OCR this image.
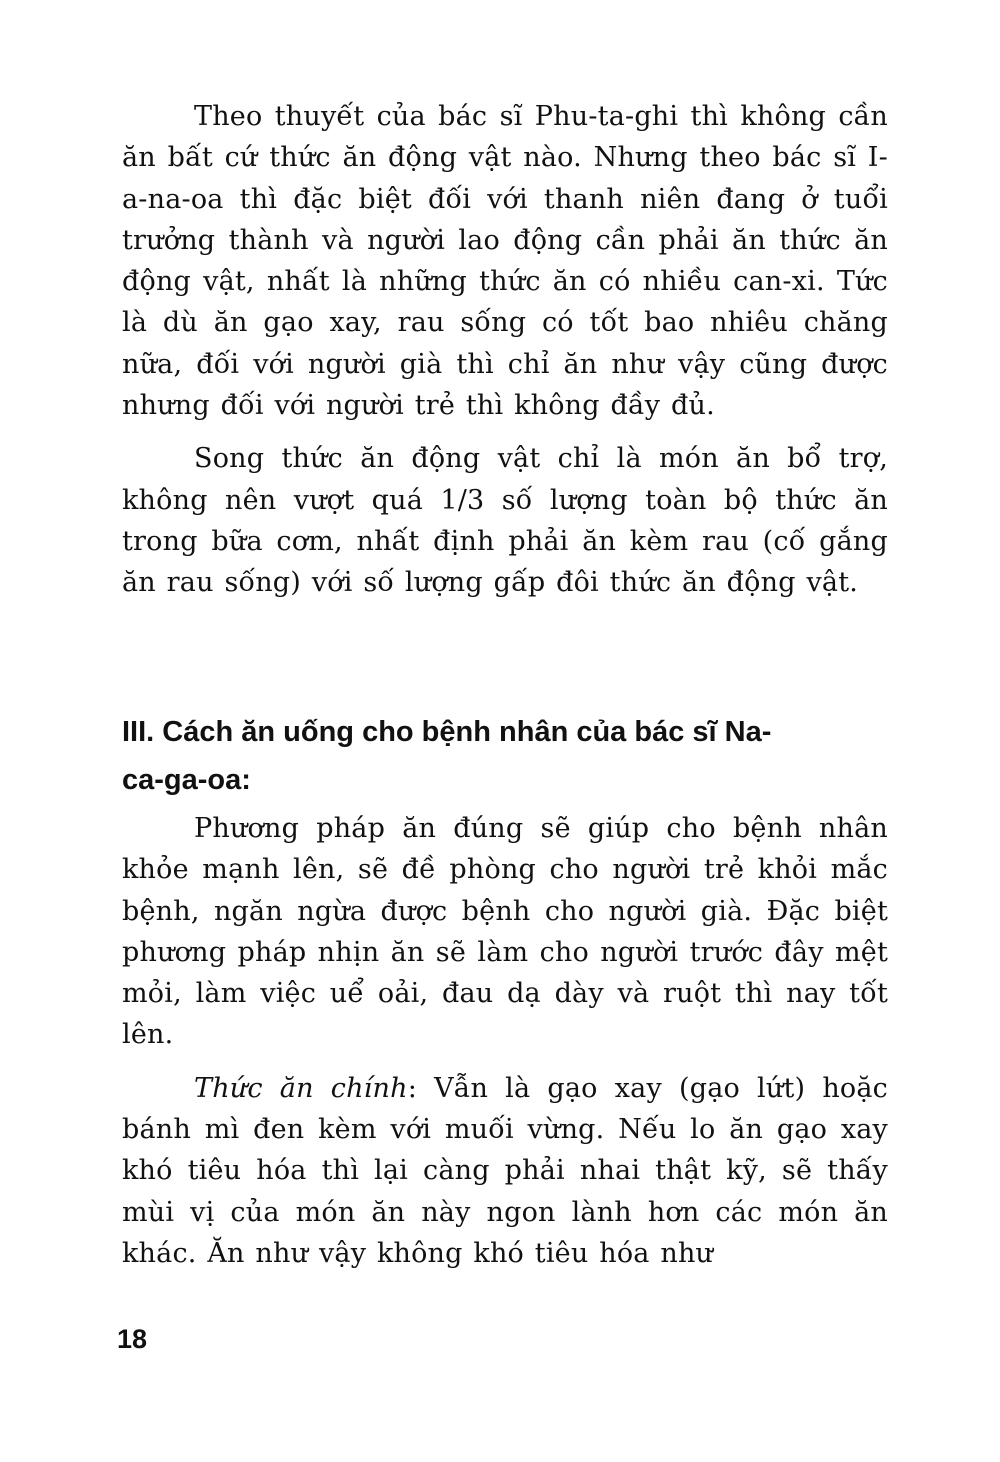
Theo thuyết của bác sĩ Phu-ta-ghi thì không cần ăn bất cứ thức ăn động vật nào. Nhưng theo bác sĩ I-a-na-oa thì đặc biệt đối với thanh niên đang ở tuổi trưởng thành và người lao động cần phải ăn thức ăn động vật, nhất là những thức ăn có nhiều can-xi. Tức là dù ăn gạo xay, rau sống có tốt bao nhiêu chăng nữa, đối với người già thì chỉ ăn như vậy cũng được nhưng đối với người trẻ thì không đầy đủ.

Song thức ăn động vật chỉ là món ăn bổ trợ, không nên vượt quá 1/3 số lượng toàn bộ thức ăn trong bữa cơm, nhất định phải ăn kèm rau (cố gắng ăn rau sống) với số lượng gấp đôi thức ăn động vật.

III. Cách ăn uống cho bệnh nhân của bác sĩ Na-
ca-ga-oa:

Phương pháp ăn đúng sẽ giúp cho bệnh nhân khỏe mạnh lên, sẽ đề phòng cho người trẻ khỏi mắc bệnh, ngăn ngừa được bệnh cho người già. Đặc biệt phương pháp nhịn ăn sẽ làm cho người trước đây mệt mỏi, làm việc uể oải, đau dạ dày và ruột thì nay tốt lên.

Thức ăn chính: Vẫn là gạo xay (gạo lứt) hoặc bánh mì đen kèm với muối vừng. Nếu lo ăn gạo xay khó tiêu hóa thì lại càng phải nhai thật kỹ, sẽ thấy mùi vị của món ăn này ngon lành hơn các món ăn khác. Ăn như vậy không khó tiêu hóa như

18
